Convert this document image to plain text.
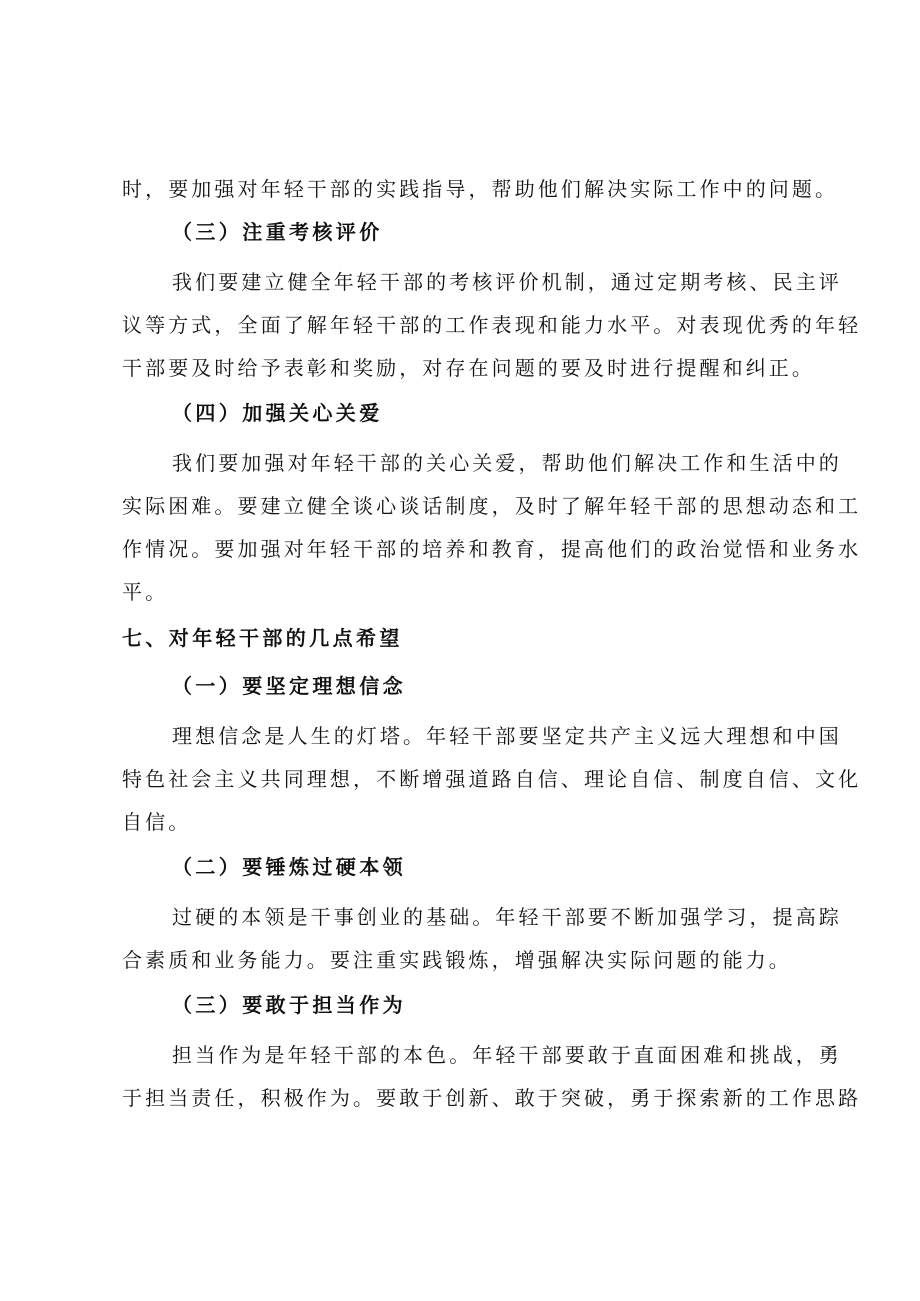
时，要加强对年轻干部的实践指导，帮助他们解决实际工作中的问题。
（三）注重考核评价
我们要建立健全年轻干部的考核评价机制，通过定期考核、民主评
议等方式，全面了解年轻干部的工作表现和能力水平。对表现优秀的年轻
干部要及时给予表彰和奖励，对存在问题的要及时进行提醒和纠正。
（四）加强关心关爱
我们要加强对年轻干部的关心关爱，帮助他们解决工作和生活中的
实际困难。要建立健全谈心谈话制度，及时了解年轻干部的思想动态和工
作情况。要加强对年轻干部的培养和教育，提高他们的政治觉悟和业务水
平。
七、对年轻干部的几点希望
（一）要坚定理想信念
理想信念是人生的灯塔。年轻干部要坚定共产主义远大理想和中国
特色社会主义共同理想，不断增强道路自信、理论自信、制度自信、文化
自信。
（二）要锤炼过硬本领
过硬的本领是干事创业的基础。年轻干部要不断加强学习，提高踪
合素质和业务能力。要注重实践锻炼，增强解决实际问题的能力。
（三）要敢于担当作为
担当作为是年轻干部的本色。年轻干部要敢于直面困难和挑战，勇
于担当责任，积极作为。要敢于创新、敢于突破，勇于探索新的工作思路
